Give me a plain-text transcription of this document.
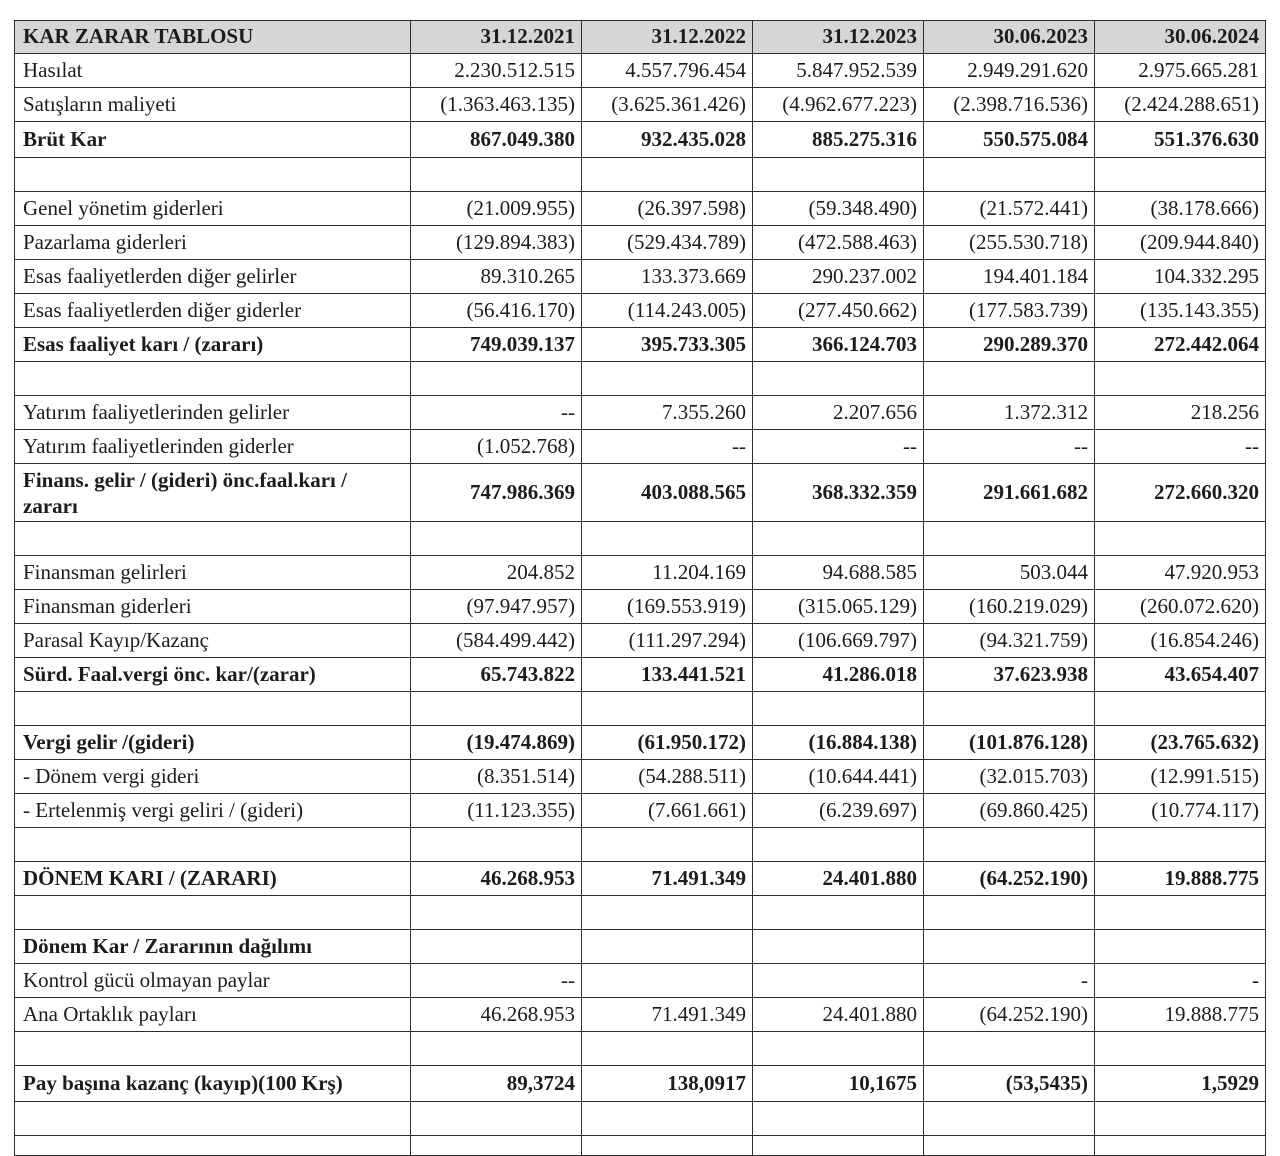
KAR ZARAR TABLOSU	31.12.2021	31.12.2022	31.12.2023	30.06.2023	30.06.2024
Hasılat	2.230.512.515	4.557.796.454	5.847.952.539	2.949.291.620	2.975.665.281
Satışların maliyeti	(1.363.463.135)	(3.625.361.426)	(4.962.677.223)	(2.398.716.536)	(2.424.288.651)
Brüt Kar	867.049.380	932.435.028	885.275.316	550.575.084	551.376.630

Genel yönetim giderleri	(21.009.955)	(26.397.598)	(59.348.490)	(21.572.441)	(38.178.666)
Pazarlama giderleri	(129.894.383)	(529.434.789)	(472.588.463)	(255.530.718)	(209.944.840)
Esas faaliyetlerden diğer gelirler	89.310.265	133.373.669	290.237.002	194.401.184	104.332.295
Esas faaliyetlerden diğer giderler	(56.416.170)	(114.243.005)	(277.450.662)	(177.583.739)	(135.143.355)
Esas faaliyet karı / (zararı)	749.039.137	395.733.305	366.124.703	290.289.370	272.442.064

Yatırım faaliyetlerinden gelirler	--	7.355.260	2.207.656	1.372.312	218.256
Yatırım faaliyetlerinden giderler	(1.052.768)	--	--	--	--
Finans. gelir / (gideri) önc.faal.karı / zararı	747.986.369	403.088.565	368.332.359	291.661.682	272.660.320

Finansman gelirleri	204.852	11.204.169	94.688.585	503.044	47.920.953
Finansman giderleri	(97.947.957)	(169.553.919)	(315.065.129)	(160.219.029)	(260.072.620)
Parasal Kayıp/Kazanç	(584.499.442)	(111.297.294)	(106.669.797)	(94.321.759)	(16.854.246)
Sürd. Faal.vergi önc. kar/(zarar)	65.743.822	133.441.521	41.286.018	37.623.938	43.654.407

Vergi gelir /(gideri)	(19.474.869)	(61.950.172)	(16.884.138)	(101.876.128)	(23.765.632)
- Dönem vergi gideri	(8.351.514)	(54.288.511)	(10.644.441)	(32.015.703)	(12.991.515)
- Ertelenmiş vergi geliri / (gideri)	(11.123.355)	(7.661.661)	(6.239.697)	(69.860.425)	(10.774.117)

DÖNEM KARI / (ZARARI)	46.268.953	71.491.349	24.401.880	(64.252.190)	19.888.775

Dönem Kar / Zararının dağılımı					
Kontrol gücü olmayan paylar	--			-	-
Ana Ortaklık payları	46.268.953	71.491.349	24.401.880	(64.252.190)	19.888.775

Pay başına kazanç (kayıp)(100 Krş)	89,3724	138,0917	10,1675	(53,5435)	1,5929
